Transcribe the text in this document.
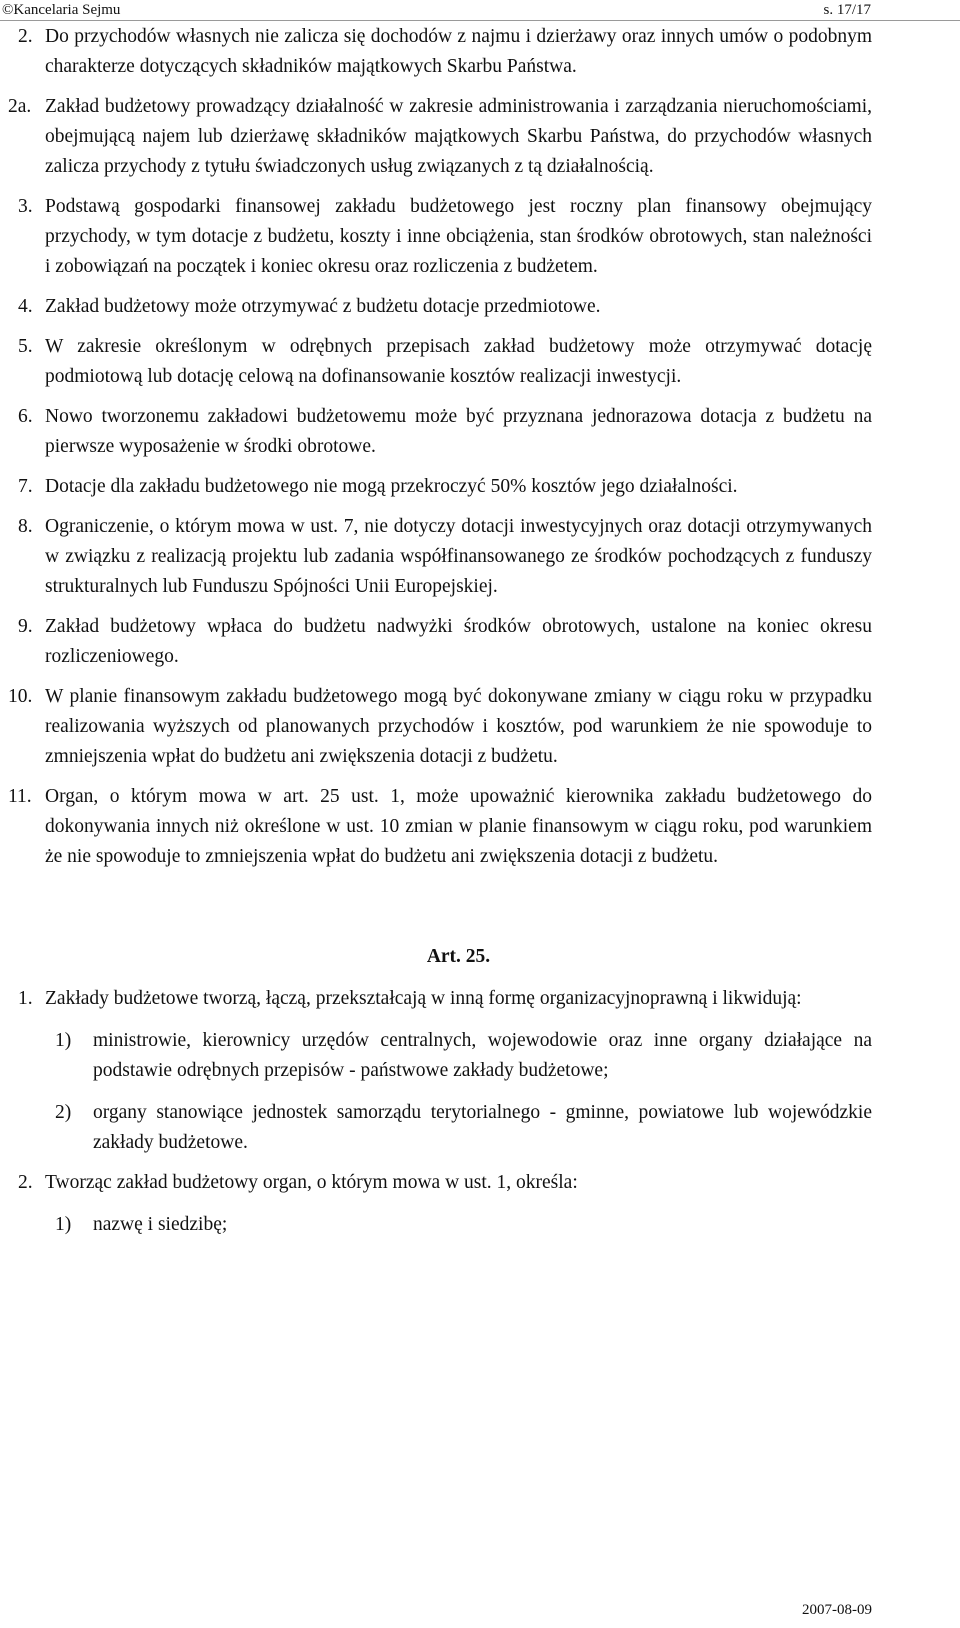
©Kancelaria Sejmu	s. 17/17
2. Do przychodów własnych nie zalicza się dochodów z najmu i dzierżawy oraz innych umów o podobnym charakterze dotyczących składników majątkowych Skarbu Państwa.
2a. Zakład budżetowy prowadzący działalność w zakresie administrowania i zarządzania nieruchomościami, obejmującą najem lub dzierżawę składników majątkowych Skarbu Państwa, do przychodów własnych zalicza przychody z tytułu świadczonych usług związanych z tą działalnością.
3. Podstawą gospodarki finansowej zakładu budżetowego jest roczny plan finansowy obejmujący przychody, w tym dotacje z budżetu, koszty i inne obciążenia, stan środków obrotowych, stan należności i zobowiązań na początek i koniec okresu oraz rozliczenia z budżetem.
4. Zakład budżetowy może otrzymywać z budżetu dotacje przedmiotowe.
5. W zakresie określonym w odrębnych przepisach zakład budżetowy może otrzymywać dotację podmiotową lub dotację celową na dofinansowanie kosztów realizacji inwestycji.
6. Nowo tworzonemu zakładowi budżetowemu może być przyznana jednorazowa dotacja z budżetu na pierwsze wyposażenie w środki obrotowe.
7. Dotacje dla zakładu budżetowego nie mogą przekroczyć 50% kosztów jego działalności.
8. Ograniczenie, o którym mowa w ust. 7, nie dotyczy dotacji inwestycyjnych oraz dotacji otrzymywanych w związku z realizacją projektu lub zadania współfinansowanego ze środków pochodzących z funduszy strukturalnych lub Funduszu Spójności Unii Europejskiej.
9. Zakład budżetowy wpłaca do budżetu nadwyżki środków obrotowych, ustalone na koniec okresu rozliczeniowego.
10. W planie finansowym zakładu budżetowego mogą być dokonywane zmiany w ciągu roku w przypadku realizowania wyższych od planowanych przychodów i kosztów, pod warunkiem że nie spowoduje to zmniejszenia wpłat do budżetu ani zwiększenia dotacji z budżetu.
11. Organ, o którym mowa w art. 25 ust. 1, może upoważnić kierownika zakładu budżetowego do dokonywania innych niż określone w ust. 10 zmian w planie finansowym w ciągu roku, pod warunkiem że nie spowoduje to zmniejszenia wpłat do budżetu ani zwiększenia dotacji z budżetu.
Art. 25.
1. Zakłady budżetowe tworzą, łączą, przekształcają w inną formę organizacyjnoprawną i likwidują:
1) ministrowie, kierownicy urzędów centralnych, wojewodowie oraz inne organy działające na podstawie odrębnych przepisów - państwowe zakłady budżetowe;
2) organy stanowiące jednostek samorządu terytorialnego - gminne, powiatowe lub wojewódzkie zakłady budżetowe.
2. Tworząc zakład budżetowy organ, o którym mowa w ust. 1, określa:
1) nazwę i siedzibę;
2007-08-09
